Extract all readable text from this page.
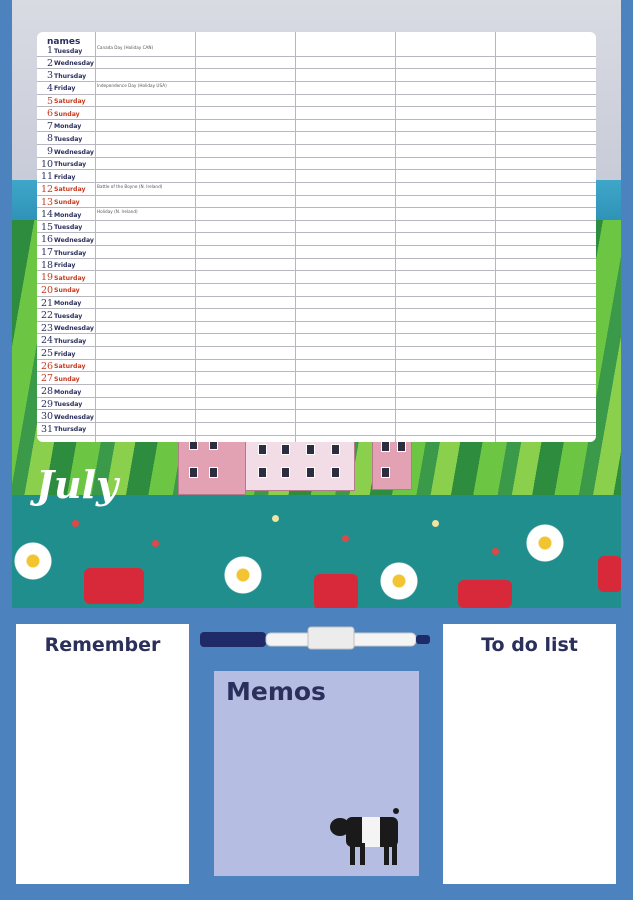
July
names
1 Tuesday	Canada Day (Holiday CAN)
2 Wednesday
3 Thursday
4 Friday	Independence Day (Holiday USA)
5 Saturday
6 Sunday
7 Monday
8 Tuesday
9 Wednesday
10 Thursday
11 Friday
12 Saturday	Battle of the Boyne (N. Ireland)
13 Sunday
14 Monday	Holiday (N. Ireland)
15 Tuesday
16 Wednesday
17 Thursday
18 Friday
19 Saturday
20 Sunday
21 Monday
22 Tuesday
23 Wednesday
24 Thursday
25 Friday
26 Saturday
27 Sunday
28 Monday
29 Tuesday
30 Wednesday
31 Thursday
Remember
Memos
To do list
